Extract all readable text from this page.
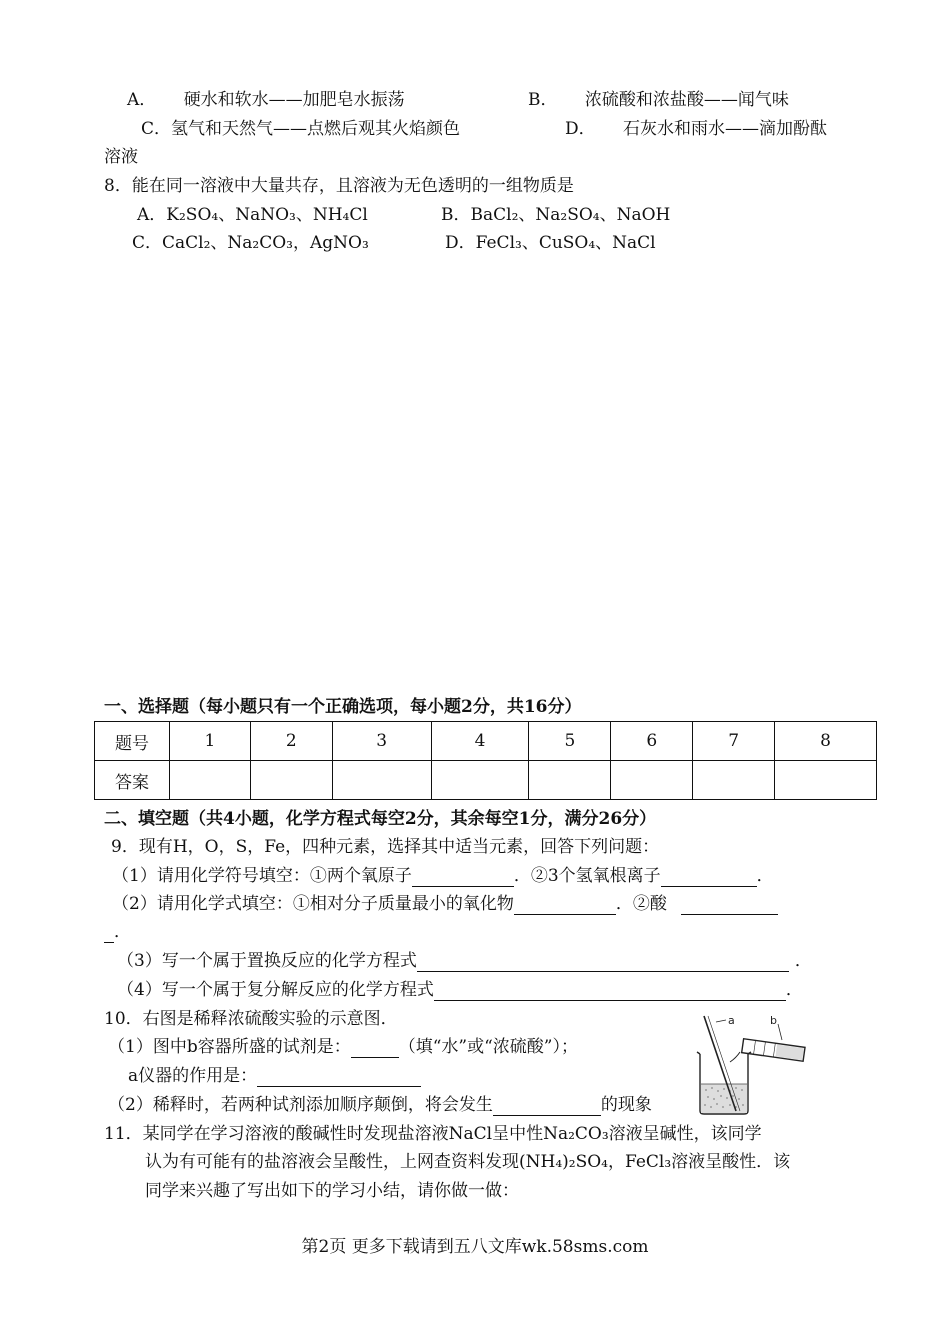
A． 硬水和软水——加肥皂水振荡	B． 浓硫酸和浓盐酸——闻气味
C．氢气和天然气——点燃后观其火焰颜色	D． 石灰水和雨水——滴加酚酞
溶液
8．能在同一溶液中大量共存，且溶液为无色透明的一组物质是
A．K₂SO₄、NaNO₃、NH₄Cl	B．BaCl₂、Na₂SO₄、NaOH
C．CaCl₂、Na₂CO₃，AgNO₃	D．FeCl₃、CuSO₄、NaCl
一、选择题（每小题只有一个正确选项，每小题2分，共16分）
题号	1	2	3	4	5	6	7	8
答案								
二、填空题（共4小题，化学方程式每空2分，其余每空1分，满分26分）
9．现有H，O，S，Fe，四种元素，选择其中适当元素，回答下列问题：
（1）请用化学符号填空：①两个氧原子	．②3个氢氧根离子	．
（2）请用化学式填空：①相对分子质量最小的氧化物	．②酸
．
（3）写一个属于置换反应的化学方程式	．
（4）写一个属于复分解反应的化学方程式	．
10．右图是稀释浓硫酸实验的示意图．
（1）图中b容器所盛的试剂是：	（填“水”或“浓硫酸”）；
a仪器的作用是：
（2）稀释时，若两种试剂添加顺序颠倒，将会发生	的现象
a	b
11．某同学在学习溶液的酸碱性时发现盐溶液NaCl呈中性Na₂CO₃溶液呈碱性，该同学
认为有可能有的盐溶液会呈酸性，上网查资料发现(NH₄)₂SO₄，FeCl₃溶液呈酸性．该
同学来兴趣了写出如下的学习小结，请你做一做：
第2页 更多下载请到五八文库wk.58sms.com
